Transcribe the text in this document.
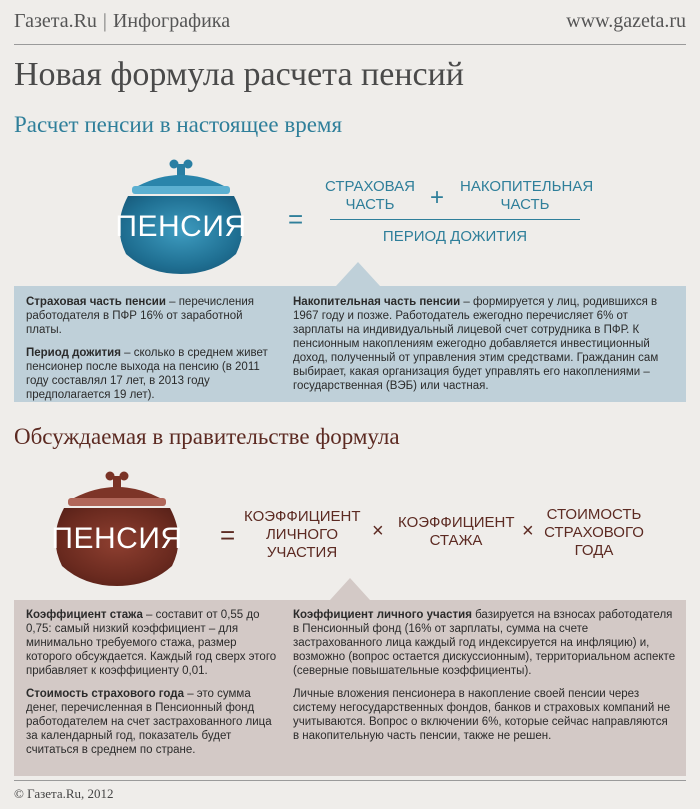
Газета.Ru | Инфографика	www.gazeta.ru
Новая формула расчета пенсий
Расчет пенсии в настоящее время
ПЕНСИЯ =
СТРАХОВАЯ
ЧАСТЬ	+ НАКОПИТЕЛЬНАЯ
ЧАСТЬ
ПЕРИОД ДОЖИТИЯ

Страховая часть пенсии – перечисления работодателя в ПФР 16% от заработной платы.

Период дожития – сколько в среднем живет пенсионер после выхода на пенсию (в 2011 году составлял 17 лет, в 2013 году предполагается 19 лет).

Накопительная часть пенсии – формируется у лиц, родившихся в 1967 году и позже. Работодатель ежегодно перечисляет 6% от зарплаты на индивидуальный лицевой счет сотрудника в ПФР. К пенсионным накоплениям ежегодно добавляется инвестиционный доход, полученный от управления этим средствами. Гражданин сам выбирает, какая организация будет управлять его накоплениями – государственная (ВЭБ) или частная.

Обсуждаемая в правительстве формула
ПЕНСИЯ =
КОЭФФИЦИЕНТ
ЛИЧНОГО
УЧАСТИЯ
× КОЭФФИЦИЕНТ
СТАЖА	×
СТОИМОСТЬ
СТРАХОВОГО
ГОДА

Коэффициент стажа – составит от 0,55 до 0,75: самый низкий коэффициент – для минимально требуемого стажа, размер которого обсуждается. Каждый год сверх этого прибавляет к коэффициенту 0,01.

Стоимость страхового года – это сумма денег, перечисленная в Пенсионный фонд работодателем на счет застрахованного лица за календарный год, показатель будет считаться в среднем по стране.

Коэффициент личного участия базируется на взносах работодателя в Пенсионный фонд (16% от зарплаты, сумма на счете застрахованного лица каждый год индексируется на инфляцию) и, возможно (вопрос остается дискуссионным), территориальном аспекте (северные повышательные коэффициенты).

Личные вложения пенсионера в накопление своей пенсии через систему негосударственных фондов, банков и страховых компаний не учитываются. Вопрос о включении 6%, которые сейчас направляются в накопительную часть пенсии, также не решен.

© Газета.Ru, 2012
